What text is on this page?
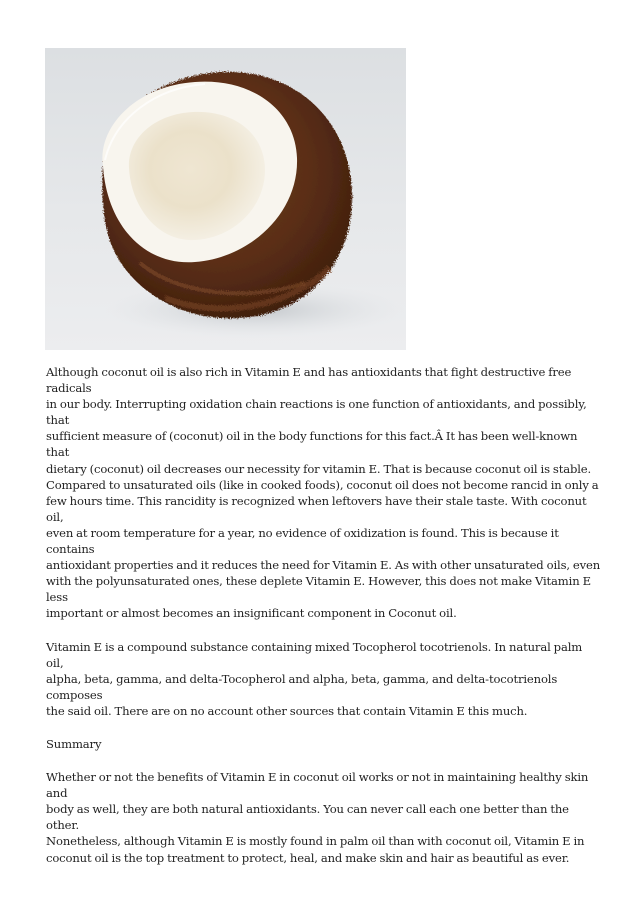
Although coconut oil is also rich in Vitamin E and has antioxidants that fight destructive free radicals
in our body. Interrupting oxidation chain reactions is one function of antioxidants, and possibly, that
sufficient measure of (coconut) oil in the body functions for this fact.Â It has been well-known that
dietary (coconut) oil decreases our necessity for vitamin E. That is because coconut oil is stable.
Compared to unsaturated oils (like in cooked foods), coconut oil does not become rancid in only a
few hours time. This rancidity is recognized when leftovers have their stale taste. With coconut oil,
even at room temperature for a year, no evidence of oxidization is found. This is because it contains
antioxidant properties and it reduces the need for Vitamin E. As with other unsaturated oils, even
with the polyunsaturated ones, these deplete Vitamin E. However, this does not make Vitamin E less
important or almost becomes an insignificant component in Coconut oil.

Vitamin E is a compound substance containing mixed Tocopherol tocotrienols. In natural palm oil,
alpha, beta, gamma, and delta-Tocopherol and alpha, beta, gamma, and delta-tocotrienols composes
the said oil. There are on no account other sources that contain Vitamin E this much.

Summary

Whether or not the benefits of Vitamin E in coconut oil works or not in maintaining healthy skin and
body as well, they are both natural antioxidants. You can never call each one better than the other.
Nonetheless, although Vitamin E is mostly found in palm oil than with coconut oil, Vitamin E in
coconut oil is the top treatment to protect, heal, and make skin and hair as beautiful as ever.
